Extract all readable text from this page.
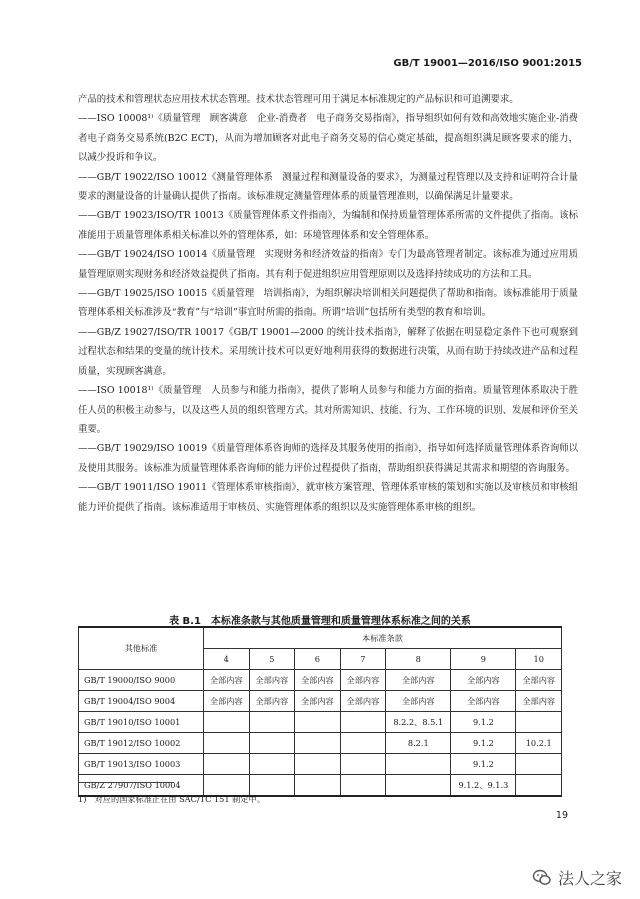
GB/T 19001—2016/ISO 9001:2015

产品的技术和管理状态应用技术状态管理。技术状态管理可用于满足本标准规定的产品标识和可追溯要求。

——ISO 10008¹⁾《质量管理　顾客满意　企业-消费者　电子商务交易指南》，指导组织如何有效和高效地实施企业-消费者电子商务交易系统(B2C ECT)，从而为增加顾客对此电子商务交易的信心奠定基础，提高组织满足顾客要求的能力，以减少投诉和争议。

——GB/T 19022/ISO 10012《测量管理体系　测量过程和测量设备的要求》，为测量过程管理以及支持和证明符合计量要求的测量设备的计量确认提供了指南。该标准规定测量管理体系的质量管理准则，以确保满足计量要求。

——GB/T 19023/ISO/TR 10013《质量管理体系文件指南》，为编制和保持质量管理体系所需的文件提供了指南。该标准能用于质量管理体系相关标准以外的管理体系，如：环境管理体系和安全管理体系。

——GB/T 19024/ISO 10014《质量管理　实现财务和经济效益的指南》专门为最高管理者制定。该标准为通过应用质量管理原则实现财务和经济效益提供了指南。其有利于促进组织应用管理原则以及选择持续成功的方法和工具。

——GB/T 19025/ISO 10015《质量管理　培训指南》，为组织解决培训相关问题提供了帮助和指南。该标准能用于质量管理体系相关标准涉及“教育”与“培训”事宜时所需的指南。所谓“培训”包括所有类型的教育和培训。

——GB/Z 19027/ISO/TR 10017《GB/T 19001—2000 的统计技术指南》，解释了依据在明显稳定条件下也可观察到过程状态和结果的变量的统计技术。采用统计技术可以更好地利用获得的数据进行决策，从而有助于持续改进产品和过程质量，实现顾客满意。

——ISO 10018¹⁾《质量管理　人员参与和能力指南》，提供了影响人员参与和能力方面的指南。质量管理体系取决于胜任人员的积极主动参与，以及这些人员的组织管理方式。其对所需知识、技能、行为、工作环境的识别、发展和评价至关重要。

——GB/T 19029/ISO 10019《质量管理体系咨询师的选择及其服务使用的指南》，指导如何选择质量管理体系咨询师以及使用其服务。该标准为质量管理体系咨询师的能力评价过程提供了指南，帮助组织获得满足其需求和期望的咨询服务。

——GB/T 19011/ISO 19011《管理体系审核指南》，就审核方案管理、管理体系审核的策划和实施以及审核员和审核组能力评价提供了指南。该标准适用于审核员、实施管理体系的组织以及实施管理体系审核的组织。

表 B.1　本标准条款与其他质量管理和质量管理体系标准之间的关系
其他标准	本标准条款						
	4	5	6	7	8	9	10
GB/T 19000/ISO 9000	全部内容	全部内容	全部内容	全部内容	全部内容	全部内容	全部内容
GB/T 19004/ISO 9004	全部内容	全部内容	全部内容	全部内容	全部内容	全部内容	全部内容
GB/T 19010/ISO 10001					8.2.2、8.5.1	9.1.2	
GB/T 19012/ISO 10002					8.2.1	9.1.2	10.2.1
GB/T 19013/ISO 10003						9.1.2	
GB/Z 27907/ISO 10004						9.1.2、9.1.3	
1)　对应的国家标准正在由 SAC/TC 151 制定中。
19
法人之家
